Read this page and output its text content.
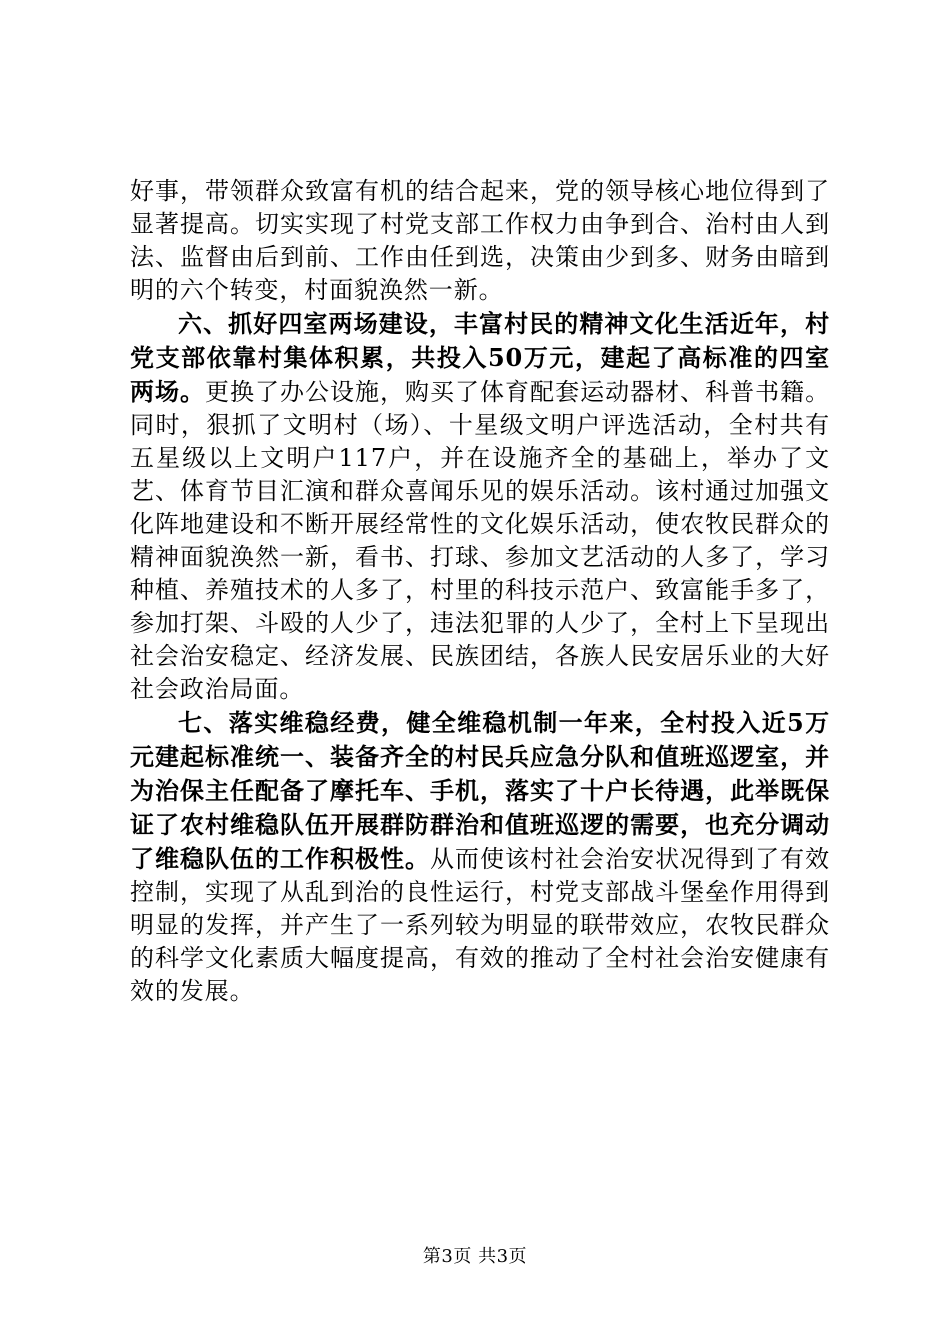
好事，带领群众致富有机的结合起来，党的领导核心地位得到了显著提高。切实实现了村党支部工作权力由争到合、治村由人到法、监督由后到前、工作由任到选，决策由少到多、财务由暗到明的六个转变，村面貌涣然一新。

六、抓好四室两场建设，丰富村民的精神文化生活近年，村党支部依靠村集体积累，共投入50万元，建起了高标准的四室两场。更换了办公设施，购买了体育配套运动器材、科普书籍。同时，狠抓了文明村（场）、十星级文明户评选活动，全村共有五星级以上文明户117户，并在设施齐全的基础上，举办了文艺、体育节目汇演和群众喜闻乐见的娱乐活动。该村通过加强文化阵地建设和不断开展经常性的文化娱乐活动，使农牧民群众的精神面貌涣然一新，看书、打球、参加文艺活动的人多了，学习种植、养殖技术的人多了，村里的科技示范户、致富能手多了，参加打架、斗殴的人少了，违法犯罪的人少了，全村上下呈现出社会治安稳定、经济发展、民族团结，各族人民安居乐业的大好社会政治局面。

七、落实维稳经费，健全维稳机制一年来，全村投入近5万元建起标准统一、装备齐全的村民兵应急分队和值班巡逻室，并为治保主任配备了摩托车、手机，落实了十户长待遇，此举既保证了农村维稳队伍开展群防群治和值班巡逻的需要，也充分调动了维稳队伍的工作积极性。从而使该村社会治安状况得到了有效控制，实现了从乱到治的良性运行，村党支部战斗堡垒作用得到明显的发挥，并产生了一系列较为明显的联带效应，农牧民群众的科学文化素质大幅度提高，有效的推动了全村社会治安健康有效的发展。

第3页 共3页
